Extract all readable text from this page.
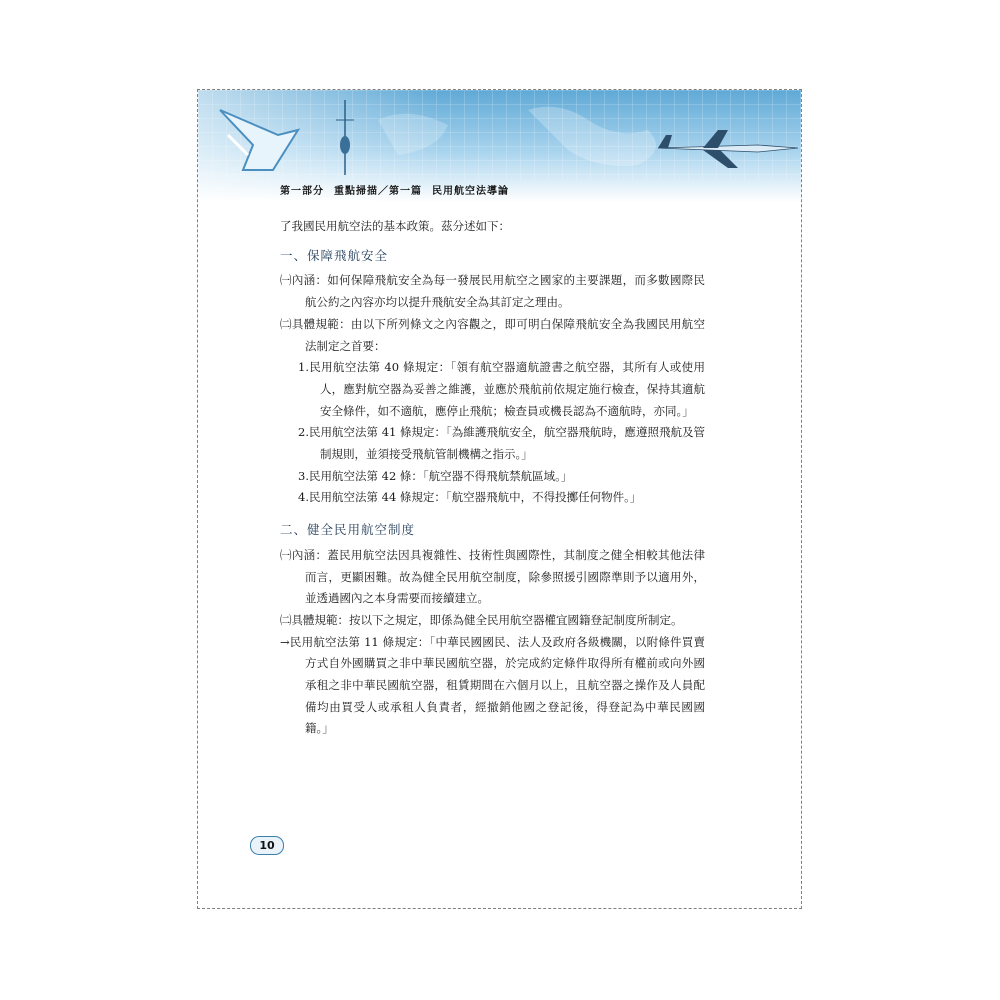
第一部分 重點掃描／第一篇 民用航空法導論

了我國民用航空法的基本政策。茲分述如下：

一、保障飛航安全

㈠內涵：如何保障飛航安全為每一發展民用航空之國家的主要課題，而多數國際民航公約之內容亦均以提升飛航安全為其訂定之理由。

㈡具體規範：由以下所列條文之內容觀之，即可明白保障飛航安全為我國民用航空法制定之首要：

1.民用航空法第 40 條規定：「領有航空器適航證書之航空器，其所有人或使用人，應對航空器為妥善之維護，並應於飛航前依規定施行檢查，保持其適航安全條件，如不適航，應停止飛航；檢查員或機長認為不適航時，亦同。」

2.民用航空法第 41 條規定：「為維護飛航安全，航空器飛航時，應遵照飛航及管制規則，並須接受飛航管制機構之指示。」

3.民用航空法第 42 條：「航空器不得飛航禁航區域。」

4.民用航空法第 44 條規定：「航空器飛航中，不得投擲任何物件。」

二、健全民用航空制度

㈠內涵：蓋民用航空法因具複雜性、技術性與國際性，其制度之健全相較其他法律而言，更顯困難。故為健全民用航空制度，除參照援引國際準則予以適用外，並透過國內之本身需要而接續建立。

㈡具體規範：按以下之規定，即係為健全民用航空器權宜國籍登記制度所制定。

→民用航空法第 11 條規定：「中華民國國民、法人及政府各級機關，以附條件買賣方式自外國購買之非中華民國航空器，於完成約定條件取得所有權前或向外國承租之非中華民國航空器，租賃期間在六個月以上，且航空器之操作及人員配備均由買受人或承租人負責者，經撤銷他國之登記後，得登記為中華民國國籍。」

10
